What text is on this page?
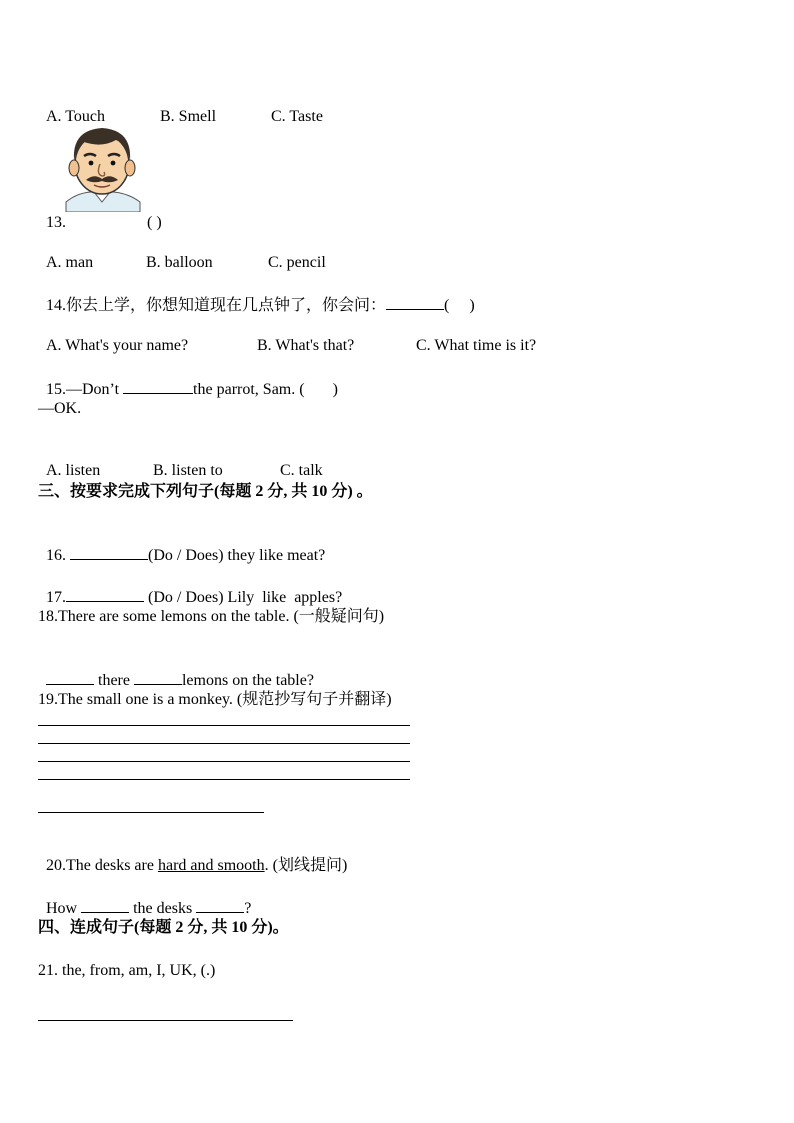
A. Touch	B. Smell	C. Taste

13.	( )

A. man	B. balloon	C. pencil

14.你去上学，你想知道现在几点钟了，你会问：	(     )

A. What's your name?	B. What's that?	C. What time is it?

15.—Don’t	the parrot, Sam. (       )

—OK.

A. listen	B. listen to	C. talk

三、按要求完成下列句子(每题 2 分, 共 10 分) 。

16.	(Do / Does) they like meat?

17.	(Do / Does) Lily  like  apples?

18.There are some lemons on the table. (一般疑问句)

there	lemons on the table?

19.The small one is a monkey. (规范抄写句子并翻译)

20.The desks are hard and smooth. (划线提问)

How	the desks	?

四、连成句子(每题 2 分, 共 10 分)。
21. the, from, am, I, UK, (.)
